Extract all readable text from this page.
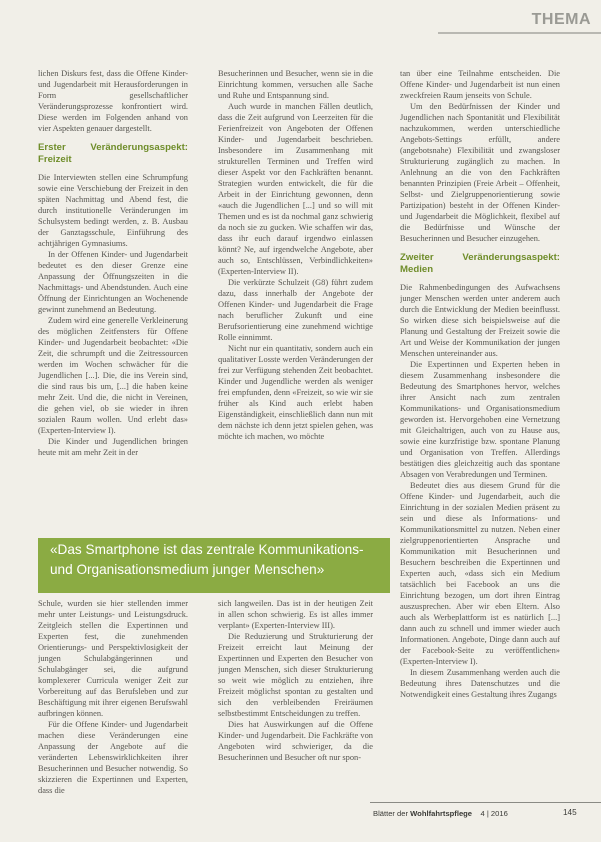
THEMA

lichen Diskurs fest, dass die Offene Kinder- und Jugendarbeit mit Herausforderungen in Form gesellschaftlicher Veränderungsprozesse konfrontiert wird. Diese werden im Folgenden anhand von vier Aspekten genauer dargestellt.

Erster Veränderungsaspekt: Freizeit

Die Interviewten stellen eine Schrumpfung sowie eine Verschiebung der Freizeit in den späten Nachmittag und Abend fest, die durch institutionelle Veränderungen im Schulsystem bedingt werden, z. B. Ausbau der Ganztagsschule, Einführung des achtjährigen Gymnasiums.

In der Offenen Kinder- und Jugendarbeit bedeutet es den dieser Grenze eine Anpassung der Öffnungszeiten in die Nachmittags- und Abendstunden. Auch eine Öffnung der Einrichtungen an Wochenende gewinnt zunehmend an Bedeutung.

Zudem wird eine generelle Verkleinerung des möglichen Zeitfensters für Offene Kinder- und Jugendarbeit beobachtet: «Die Zeit, die schrumpft und die Zeitressourcen werden im Wochen schwächer für die Jugendlichen [...]. Die, die ins Verein sind, die sind raus bis um, [...] die haben keine mehr Zeit. Und die, die nicht in Vereinen, die gehen viel, ob sie wieder in ihren sozialen Raum wollen. Und erlebt das» (Experten-Interview I).

Die Kinder und Jugendlichen bringen heute mit am mehr Zeit in der

Besucherinnen und Besucher, wenn sie in die Einrichtung kommen, versuchen alle Sache und Ruhe und Entspannung sind.

Auch wurde in manchen Fällen deutlich, dass die Zeit aufgrund von Leerzeiten für die Ferienfreizeit von Angeboten der Offenen Kinder- und Jugendarbeit beschrieben. Insbesondere im Zusammenhang mit strukturellen Terminen und Treffen wird dieser Aspekt vor den Fachkräften benannt. Strategien wurden entwickelt, die für die Arbeit in der Einrichtung gewonnen, denn «auch die Jugendlichen [...] und so will mit Themen und es ist da nochmal ganz schwierig da noch sie zu gucken. Wie schaffen wir das, dass ihr euch darauf irgendwo einlassen könnt? Ne, auf irgendwelche Angebote, aber auch so, Entschlüssen, Verbindlichkeiten» (Experten-Interview II).

Die verkürzte Schulzeit (G8) führt zudem dazu, dass innerhalb der Angebote der Offenen Kinder- und Jugendarbeit die Frage nach beruflicher Zukunft und eine Berufsorientierung eine zunehmend wichtige Rolle einnimmt.

Nicht nur ein quantitativ, sondern auch ein qualitativer Losste werden Veränderungen der frei zur Verfügung stehenden Zeit beobachtet. Kinder und Jugendliche werden als weniger frei empfunden, denn «Freizeit, so wie wir sie früher als Kind auch erlebt haben Eigenständigkeit, einschließlich dann nun mit dem nächste ich denn jetzt spielen gehen, was möchte ich machen, wo möchte

tan über eine Teilnahme entscheiden. Die Offene Kinder- und Jugendarbeit ist nun einen zweckfreien Raum jenseits von Schule.

Um den Bedürfnissen der Kinder und Jugendlichen nach Spontanität und Flexibilität nachzukommen, werden unterschiedliche Angebots-Settings erfüllt, andere (angebotsnahe) Flexibilität und zwangsloser Strukturierung zugänglich zu machen. In Anlehnung an die von den Fachkräften benannten Prinzipien (Freie Arbeit – Offenheit, Selbst- und Zielgruppenorientierung sowie Partizipation) besteht in der Offenen Kinder- und Jugendarbeit die Möglichkeit, flexibel auf die Bedürfnisse und Wünsche der Besucherinnen und Besucher einzugehen.

Zweiter Veränderungsaspekt: Medien

Die Rahmenbedingungen des Aufwachsens junger Menschen werden unter anderem auch durch die Entwicklung der Medien beeinflusst. So wirken diese sich beispielsweise auf die Planung und Gestaltung der Freizeit sowie die Art und Weise der Kommunikation der jungen Menschen untereinander aus.

Die Expertinnen und Experten heben in diesem Zusammenhang insbesondere die Bedeutung des Smartphones hervor, welches ihrer Ansicht nach zum zentralen Kommunikations- und Organisationsmedium geworden ist. Hervorgehoben eine Vernetzung mit Gleichaltrigen, auch von zu Hause aus, sowie eine kurzfristige bzw. spontane Planung und Organisation von Treffen. Allerdings bestätigen dies gleichzeitig auch das spontane Absagen von Verabredungen und Terminen.

Bedeutet dies aus diesem Grund für die Offene Kinder- und Jugendarbeit, auch die Einrichtung in der sozialen Medien präsent zu sein und diese als Informations- und Kommunikationsmittel zu nutzen. Neben einer zielgruppenorientierten Ansprache und Kommunikation mit Besucherinnen und Besuchern beschreiben die Expertinnen und Experten auch, «dass sich ein Medium tatsächlich bei Facebook an uns die Einrichtung bezogen, um dort ihren Eintrag auszusprechen. Aber wir eben Eltern. Also auch als Werbeplattform ist es natürlich [...] dann auch zu schnell und immer wieder auch Informationen. Angebote, Dinge dann auch auf der Facebook-Seite zu veröffentlichen» (Experten-Interview I).

In diesem Zusammenhang werden auch die Bedeutung ihres Datenschutzes und die Notwendigkeit eines Gestaltung ihres Zugangs

«Das Smartphone ist das zentrale Kommunikations- und Organisationsmedium junger Menschen»

Schule, wurden sie hier stellenden immer mehr unter Leistungs- und Leistungsdruck. Zeitgleich stellen die Expertinnen und Experten fest, die zunehmenden Orientierungs- und Perspektivlosigkeit der jungen Schulabgängerinnen und Schulabgänger sei, die aufgrund komplexerer Curricula weniger Zeit zur Vorbereitung auf das Berufsleben und zur Beschäftigung mit ihrer eigenen Berufswahl aufbringen können.

Für die Offene Kinder- und Jugendarbeit machen diese Veränderungen eine Anpassung der Angebote auf die veränderten Lebenswirklichkeiten ihrer Besucherinnen und Besucher notwendig. So skizzieren die Expertinnen und Experten, dass die

sich langweilen. Das ist in der heutigen Zeit in allen schon schwierig. Es ist alles immer verplant» (Experten-Interview III).

Die Reduzierung und Strukturierung der Freizeit erreicht laut Meinung der Expertinnen und Experten den Besucher von jungen Menschen, sich dieser Strukturierung so weit wie möglich zu entziehen, ihre Freizeit möglichst spontan zu gestalten und sich den verbleibenden Freiräumen selbstbestimmt Entscheidungen zu treffen.

Dies hat Auswirkungen auf die Offene Kinder- und Jugendarbeit. Die Fachkräfte von Angeboten wird schwieriger, da die Besucherinnen und Besucher oft nur spon-

Blätter der Wohlfahrtspflege 4 | 2016	145
